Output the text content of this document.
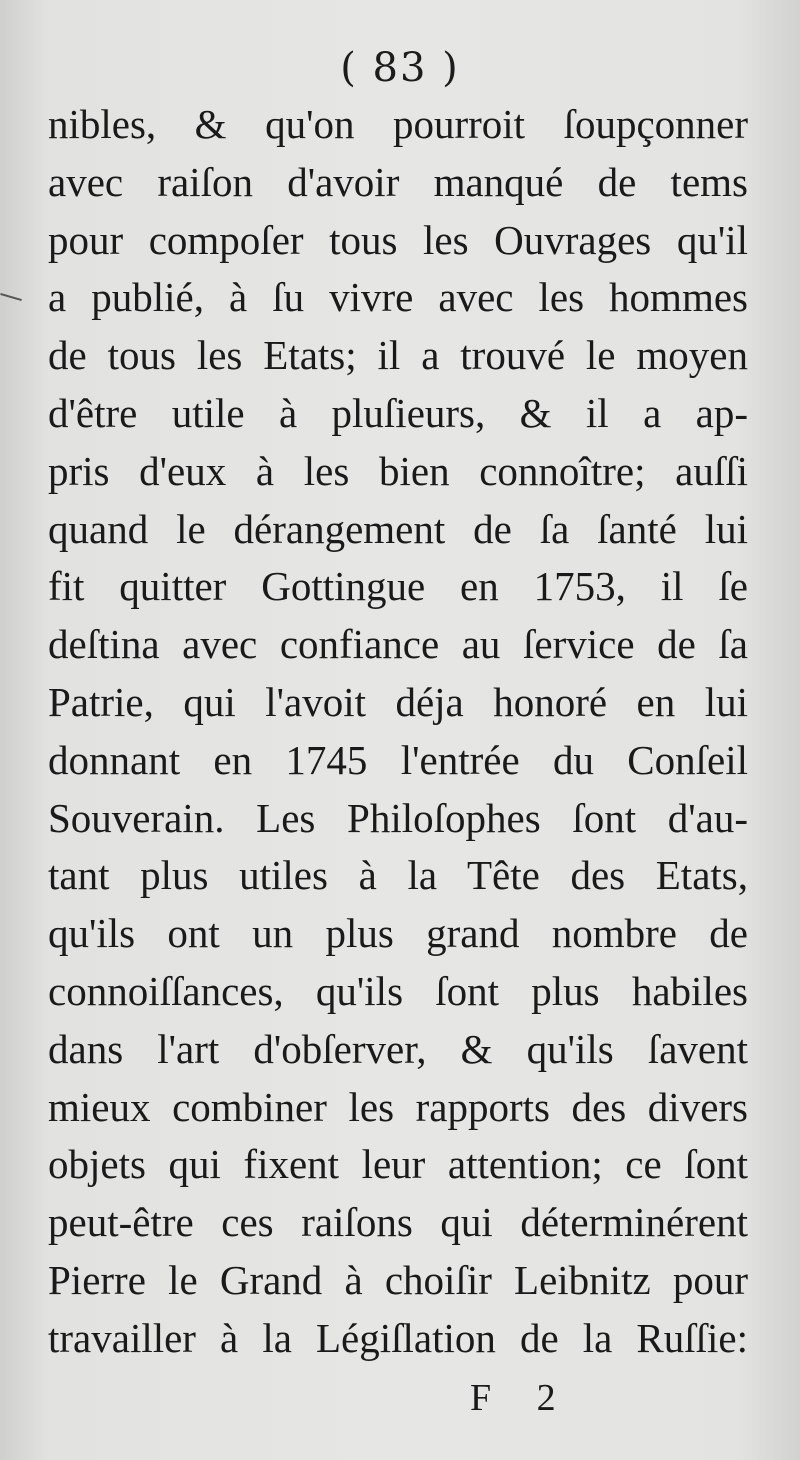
( 83 )
nibles, & qu'on pourroit ſoupçonner
avec raiſon d'avoir manqué de tems
pour compoſer tous les Ouvrages qu'il
a publié, à ſu vivre avec les hommes
de tous les Etats; il a trouvé le moyen
d'être utile à pluſieurs, & il a ap-
pris d'eux à les bien connoître; auſſi
quand le dérangement de ſa ſanté lui
fit quitter Gottingue en 1753, il ſe
deſtina avec confiance au ſervice de ſa
Patrie, qui l'avoit déja honoré en lui
donnant en 1745 l'entrée du Conſeil
Souverain. Les Philoſophes ſont d'au-
tant plus utiles à la Tête des Etats,
qu'ils ont un plus grand nombre de
connoiſſances, qu'ils ſont plus habiles
dans l'art d'obſerver, & qu'ils ſavent
mieux combiner les rapports des divers
objets qui fixent leur attention; ce ſont
peut-être ces raiſons qui déterminérent
Pierre le Grand à choiſir Leibnitz pour
travailler à la Légiſlation de la Ruſſie:
F 2
